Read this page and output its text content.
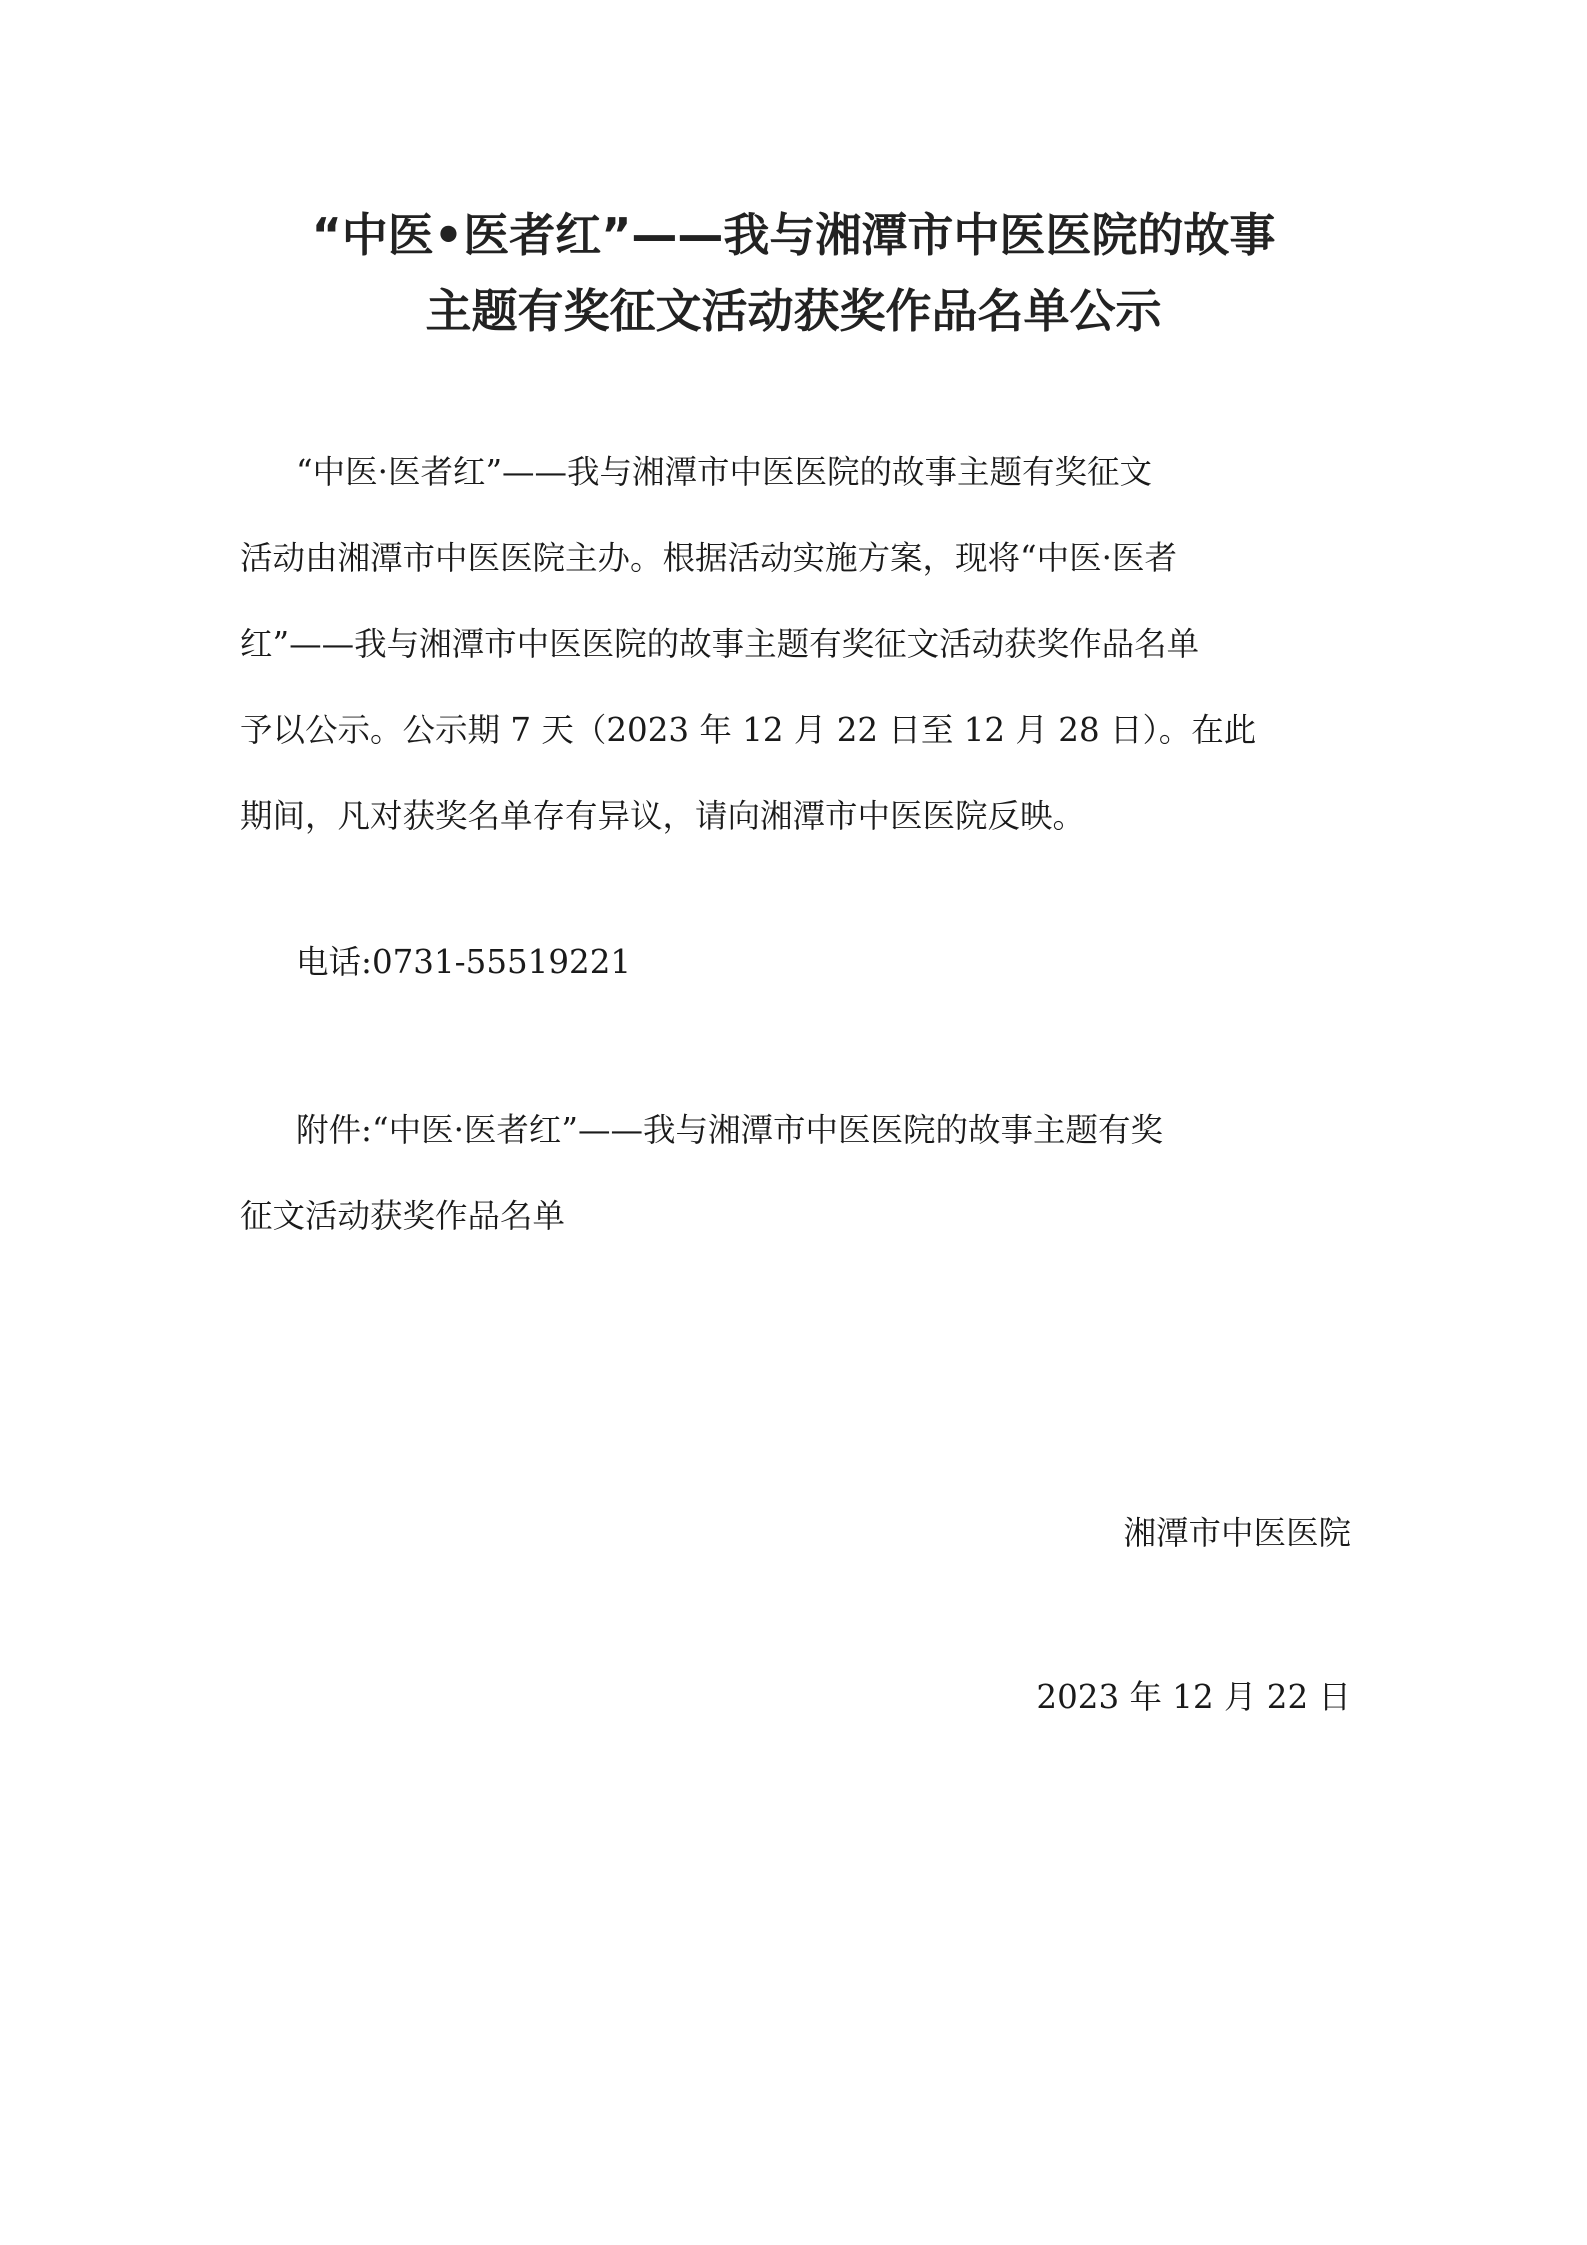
“中医•医者红”——我与湘潭市中医医院的故事
主题有奖征文活动获奖作品名单公示

“中医·医者红”——我与湘潭市中医医院的故事主题有奖征文
活动由湘潭市中医医院主办。根据活动实施方案，现将“中医·医者
红”——我与湘潭市中医医院的故事主题有奖征文活动获奖作品名单
予以公示。公示期 7 天（2023 年 12 月 22 日至 12 月 28 日）。在此
期间，凡对获奖名单存有异议，请向湘潭市中医医院反映。

电话:0731-55519221

附件:“中医·医者红”——我与湘潭市中医医院的故事主题有奖
征文活动获奖作品名单

湘潭市中医医院
2023 年 12 月 22 日
